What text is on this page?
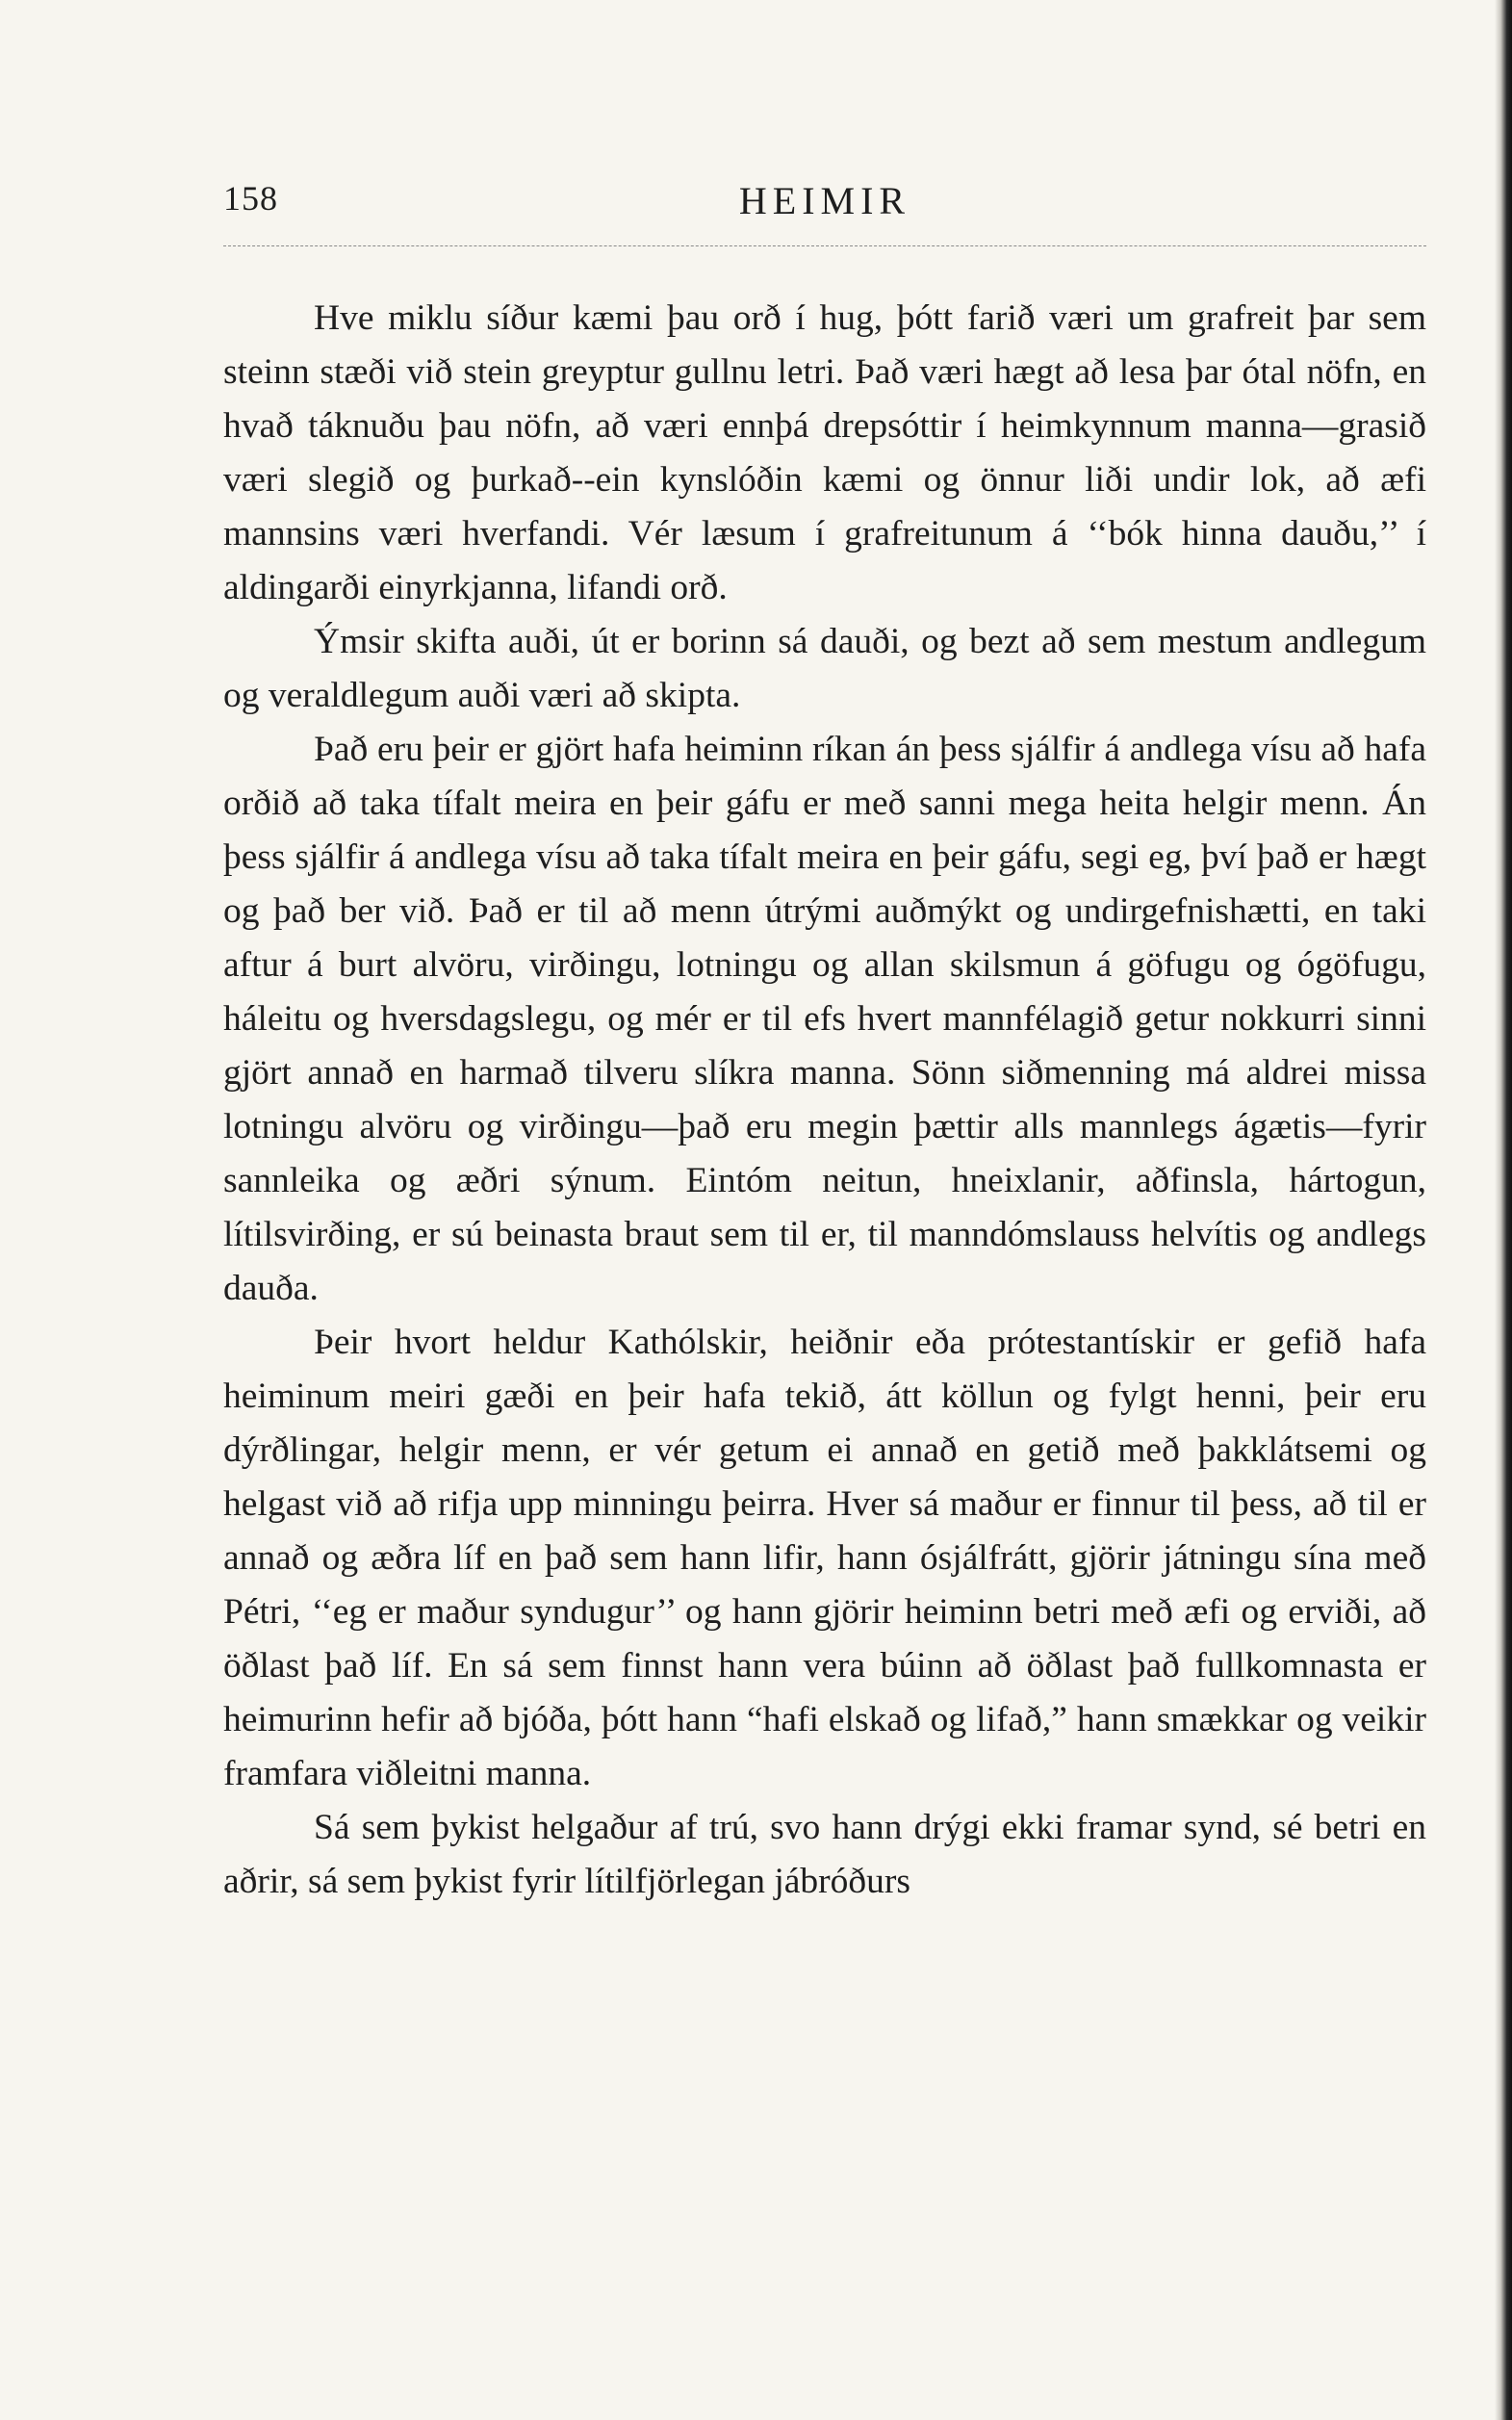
158	HEIMIR

Hve miklu síður kæmi þau orð í hug, þótt farið væri um grafreit þar sem steinn stæði við stein greyptur gullnu letri. Það væri hægt að lesa þar ótal nöfn, en hvað táknuðu þau nöfn, að væri ennþá drepsóttir í heimkynnum manna—grasið væri slegið og þurkað--ein kynslóðin kæmi og önnur liði undir lok, að æfi mannsins væri hverfandi. Vér læsum í grafreitunum á ‘‘bók hinna dauðu,’’ í aldingarði einyrkjanna, lifandi orð.

Ýmsir skifta auði, út er borinn sá dauði, og bezt að sem mestum andlegum og veraldlegum auði væri að skipta.

Það eru þeir er gjört hafa heiminn ríkan án þess sjálfir á andlega vísu að hafa orðið að taka tífalt meira en þeir gáfu er með sanni mega heita helgir menn. Án þess sjálfir á andlega vísu að taka tífalt meira en þeir gáfu, segi eg, því það er hægt og það ber við. Það er til að menn útrými auðmýkt og undirgefnishætti, en taki aftur á burt alvöru, virðingu, lotningu og allan skilsmun á göfugu og ógöfugu, háleitu og hversdagslegu, og mér er til efs hvert mannfélagið getur nokkurri sinni gjört annað en harmað tilveru slíkra manna. Sönn siðmenning má aldrei missa lotningu alvöru og virðingu—það eru megin þættir alls mannlegs ágætis—fyrir sannleika og æðri sýnum. Eintóm neitun, hneixlanir, aðfinsla, hártogun, lítilsvirðing, er sú beinasta braut sem til er, til manndómslauss helvítis og andlegs dauða.

Þeir hvort heldur Kathólskir, heiðnir eða prótestantískir er gefið hafa heiminum meiri gæði en þeir hafa tekið, átt köllun og fylgt henni, þeir eru dýrðlingar, helgir menn, er vér getum ei annað en getið með þakklátsemi og helgast við að rifja upp minningu þeirra. Hver sá maður er finnur til þess, að til er annað og æðra líf en það sem hann lifir, hann ósjálfrátt, gjörir játningu sína með Pétri, ‘‘eg er maður syndugur’’ og hann gjörir heiminn betri með æfi og erviði, að öðlast það líf. En sá sem finnst hann vera búinn að öðlast það fullkomnasta er heimurinn hefir að bjóða, þótt hann “hafi elskað og lifað,” hann smækkar og veikir framfara viðleitni manna.

Sá sem þykist helgaður af trú, svo hann drýgi ekki framar synd, sé betri en aðrir, sá sem þykist fyrir lítilfjörlegan jábróðurs
